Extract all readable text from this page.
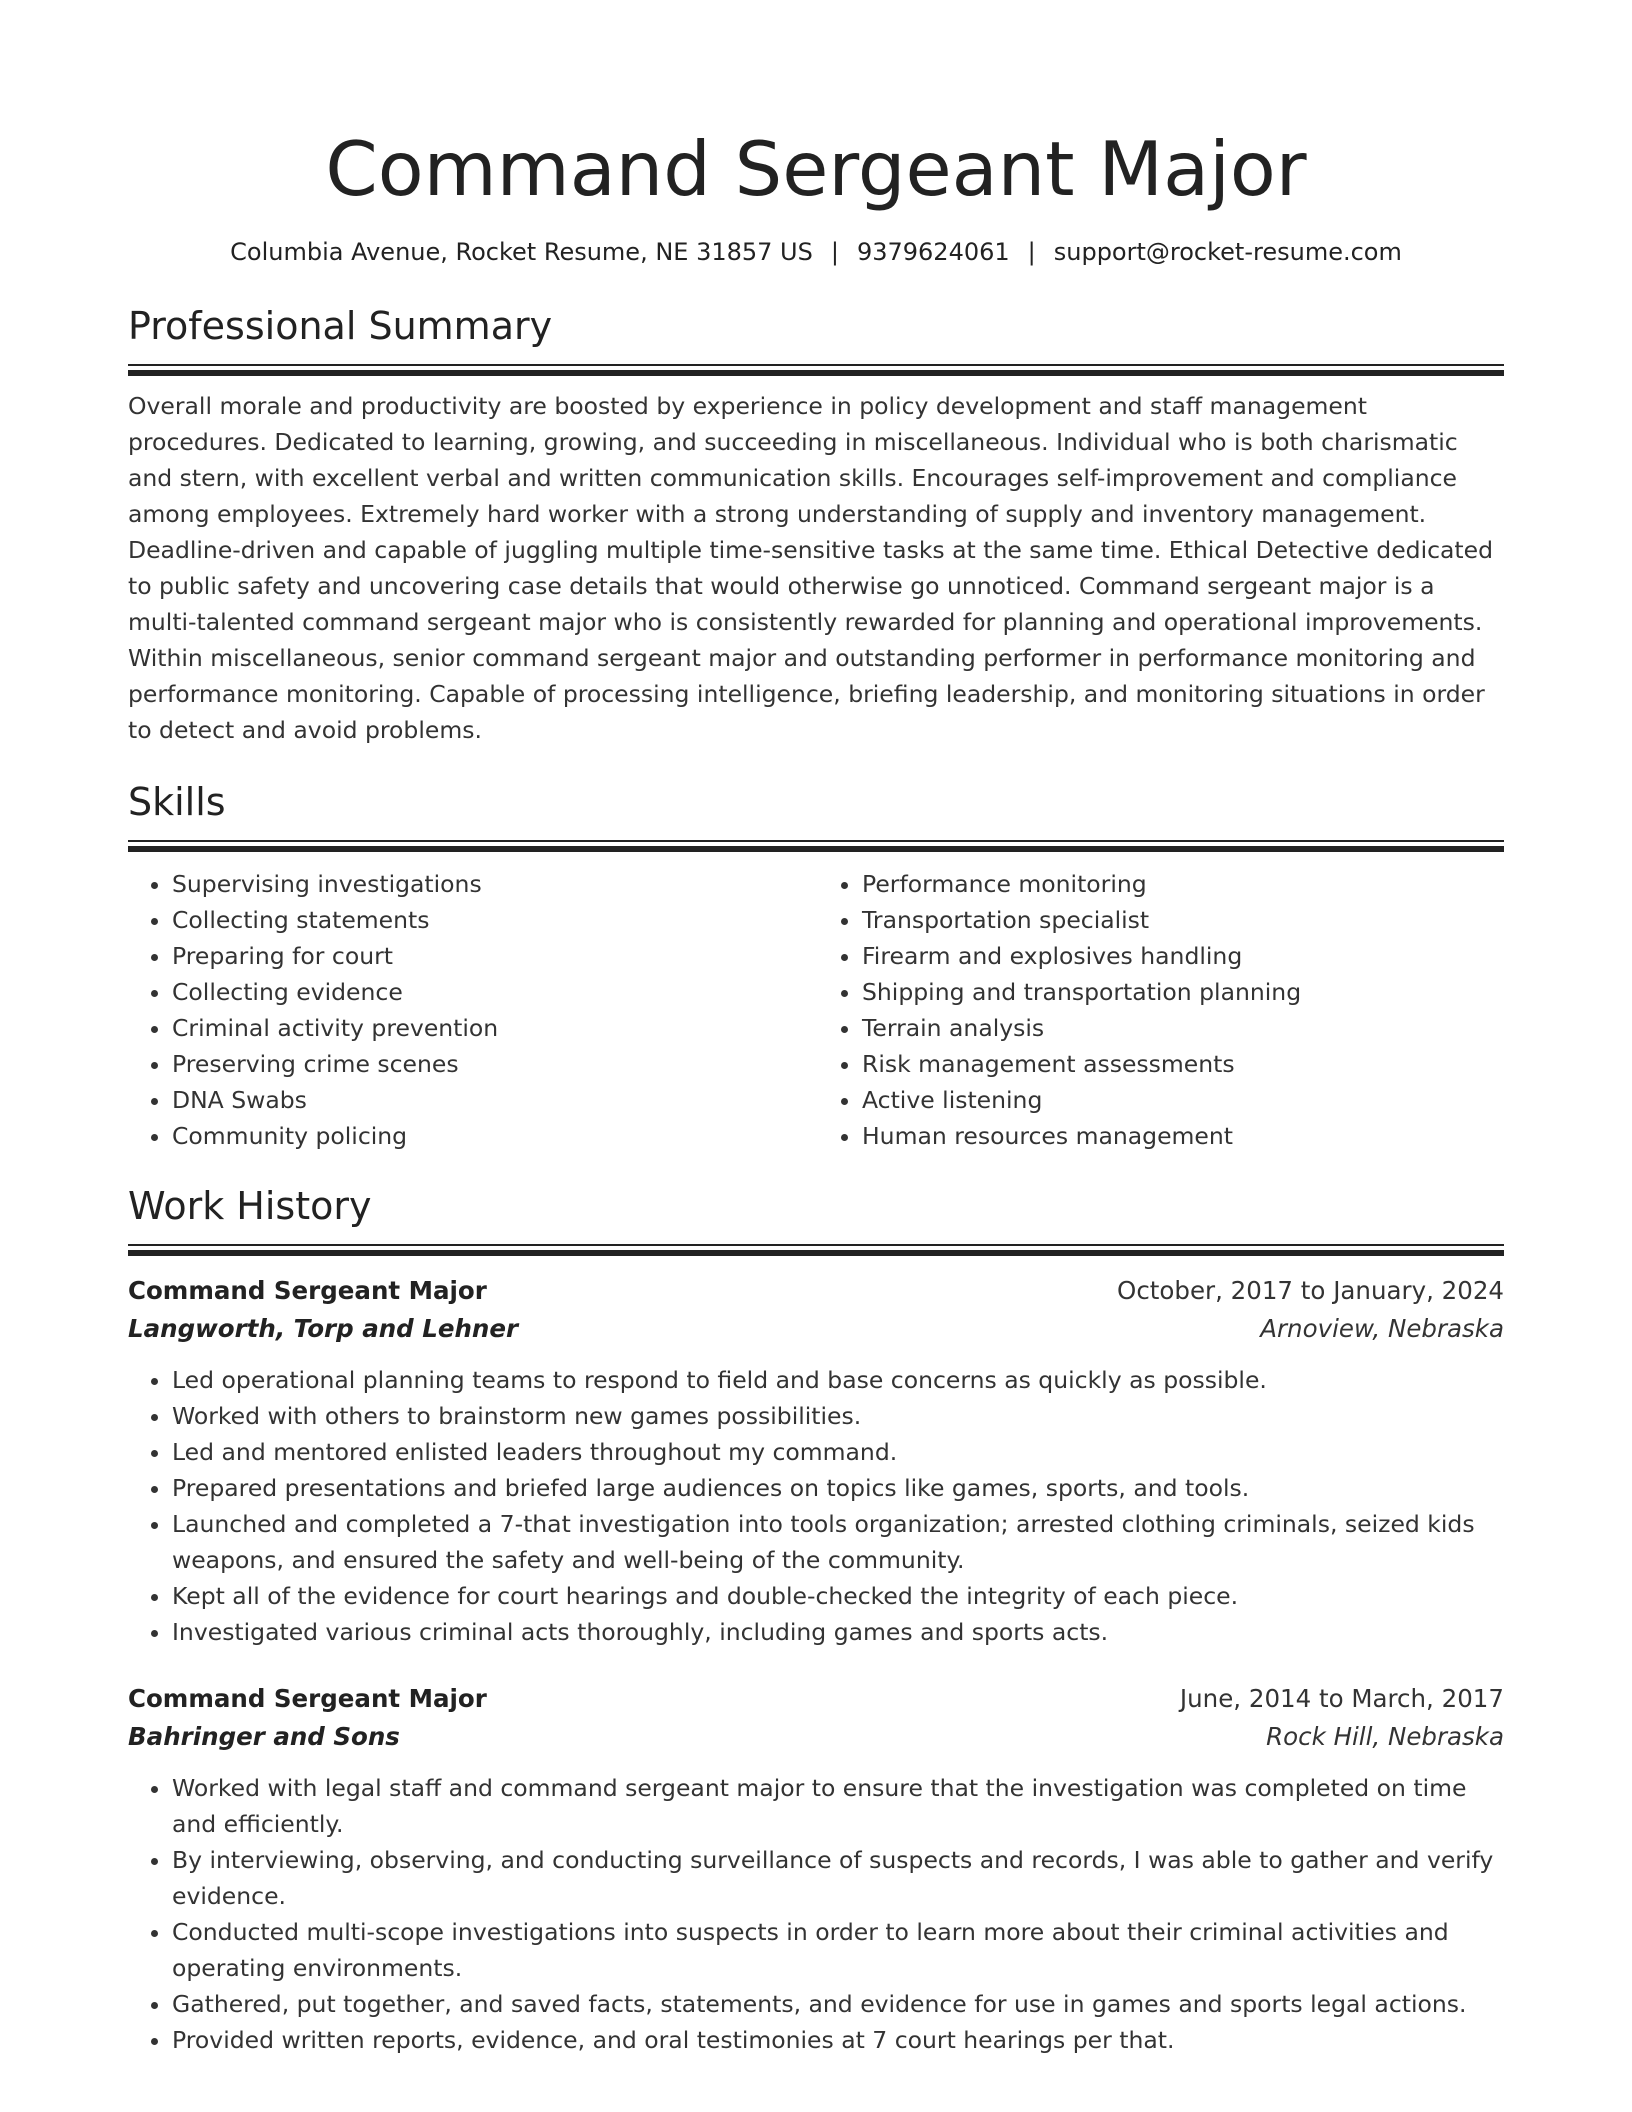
Command Sergeant Major
Columbia Avenue, Rocket Resume, NE 31857 US | 9379624061 | support@rocket-resume.com
Professional Summary

Overall morale and productivity are boosted by experience in policy development and staff management procedures. Dedicated to learning, growing, and succeeding in miscellaneous. Individual who is both charismatic and stern, with excellent verbal and written communication skills. Encourages self-improvement and compliance among employees. Extremely hard worker with a strong understanding of supply and inventory management. Deadline-driven and capable of juggling multiple time-sensitive tasks at the same time. Ethical Detective dedicated to public safety and uncovering case details that would otherwise go unnoticed. Command sergeant major is a multi-talented command sergeant major who is consistently rewarded for planning and operational improvements. Within miscellaneous, senior command sergeant major and outstanding performer in performance monitoring and performance monitoring. Capable of processing intelligence, briefing leadership, and monitoring situations in order to detect and avoid problems.

Skills
• Supervising investigations
• Collecting statements
• Preparing for court
• Collecting evidence
• Criminal activity prevention
• Preserving crime scenes
• DNA Swabs
• Community policing
• Performance monitoring
• Transportation specialist
• Firearm and explosives handling
• Shipping and transportation planning
• Terrain analysis
• Risk management assessments
• Active listening
• Human resources management
Work History
Command Sergeant Major	October, 2017 to January, 2024
Langworth, Torp and Lehner	Arnoview, Nebraska
• Led operational planning teams to respond to field and base concerns as quickly as possible.
• Worked with others to brainstorm new games possibilities.
• Led and mentored enlisted leaders throughout my command.
• Prepared presentations and briefed large audiences on topics like games, sports, and tools.
• Launched and completed a 7-that investigation into tools organization; arrested clothing criminals, seized kids weapons, and ensured the safety and well-being of the community.
• Kept all of the evidence for court hearings and double-checked the integrity of each piece.
• Investigated various criminal acts thoroughly, including games and sports acts.
Command Sergeant Major	June, 2014 to March, 2017
Bahringer and Sons	Rock Hill, Nebraska
• Worked with legal staff and command sergeant major to ensure that the investigation was completed on time and efficiently.
• By interviewing, observing, and conducting surveillance of suspects and records, I was able to gather and verify evidence.
• Conducted multi-scope investigations into suspects in order to learn more about their criminal activities and operating environments.
• Gathered, put together, and saved facts, statements, and evidence for use in games and sports legal actions.
• Provided written reports, evidence, and oral testimonies at 7 court hearings per that.
